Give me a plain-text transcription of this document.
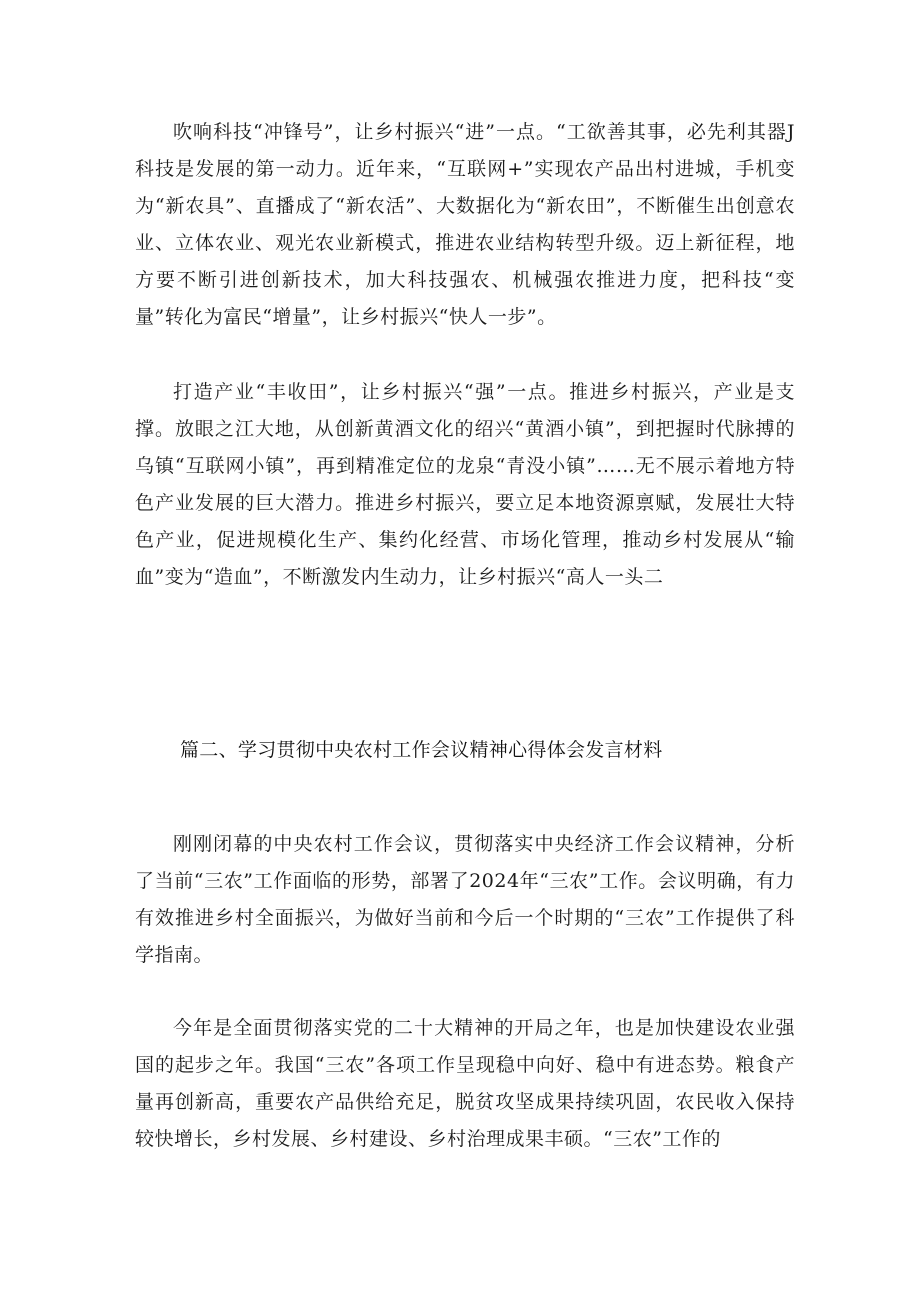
吹响科技“冲锋号”，让乡村振兴“进”一点。“工欲善其事，必先利其器J科技是发展的第一动力。近年来，“互联网+”实现农产品出村进城，手机变为“新农具”、直播成了“新农活”、大数据化为“新农田”，不断催生出创意农业、立体农业、观光农业新模式，推进农业结构转型升级。迈上新征程，地方要不断引进创新技术，加大科技强农、机械强农推进力度，把科技“变量”转化为富民“增量”，让乡村振兴“快人一步”。

打造产业“丰收田”，让乡村振兴“强”一点。推进乡村振兴，产业是支撑。放眼之江大地，从创新黄酒文化的绍兴“黄酒小镇”，到把握时代脉搏的乌镇“互联网小镇”，再到精准定位的龙泉“青没小镇”……无不展示着地方特色产业发展的巨大潜力。推进乡村振兴，要立足本地资源禀赋，发展壮大特色产业，促进规模化生产、集约化经营、市场化管理，推动乡村发展从“输血”变为“造血”，不断激发内生动力，让乡村振兴“高人一头二

篇二、学习贯彻中央农村工作会议精神心得体会发言材料

刚刚闭幕的中央农村工作会议，贯彻落实中央经济工作会议精神，分析了当前“三农”工作面临的形势，部署了2024年“三农”工作。会议明确，有力有效推进乡村全面振兴，为做好当前和今后一个时期的“三农”工作提供了科学指南。

今年是全面贯彻落实党的二十大精神的开局之年，也是加快建设农业强国的起步之年。我国“三农”各项工作呈现稳中向好、稳中有进态势。粮食产量再创新高，重要农产品供给充足，脱贫攻坚成果持续巩固，农民收入保持较快增长，乡村发展、乡村建设、乡村治理成果丰硕。“三农”工作的
